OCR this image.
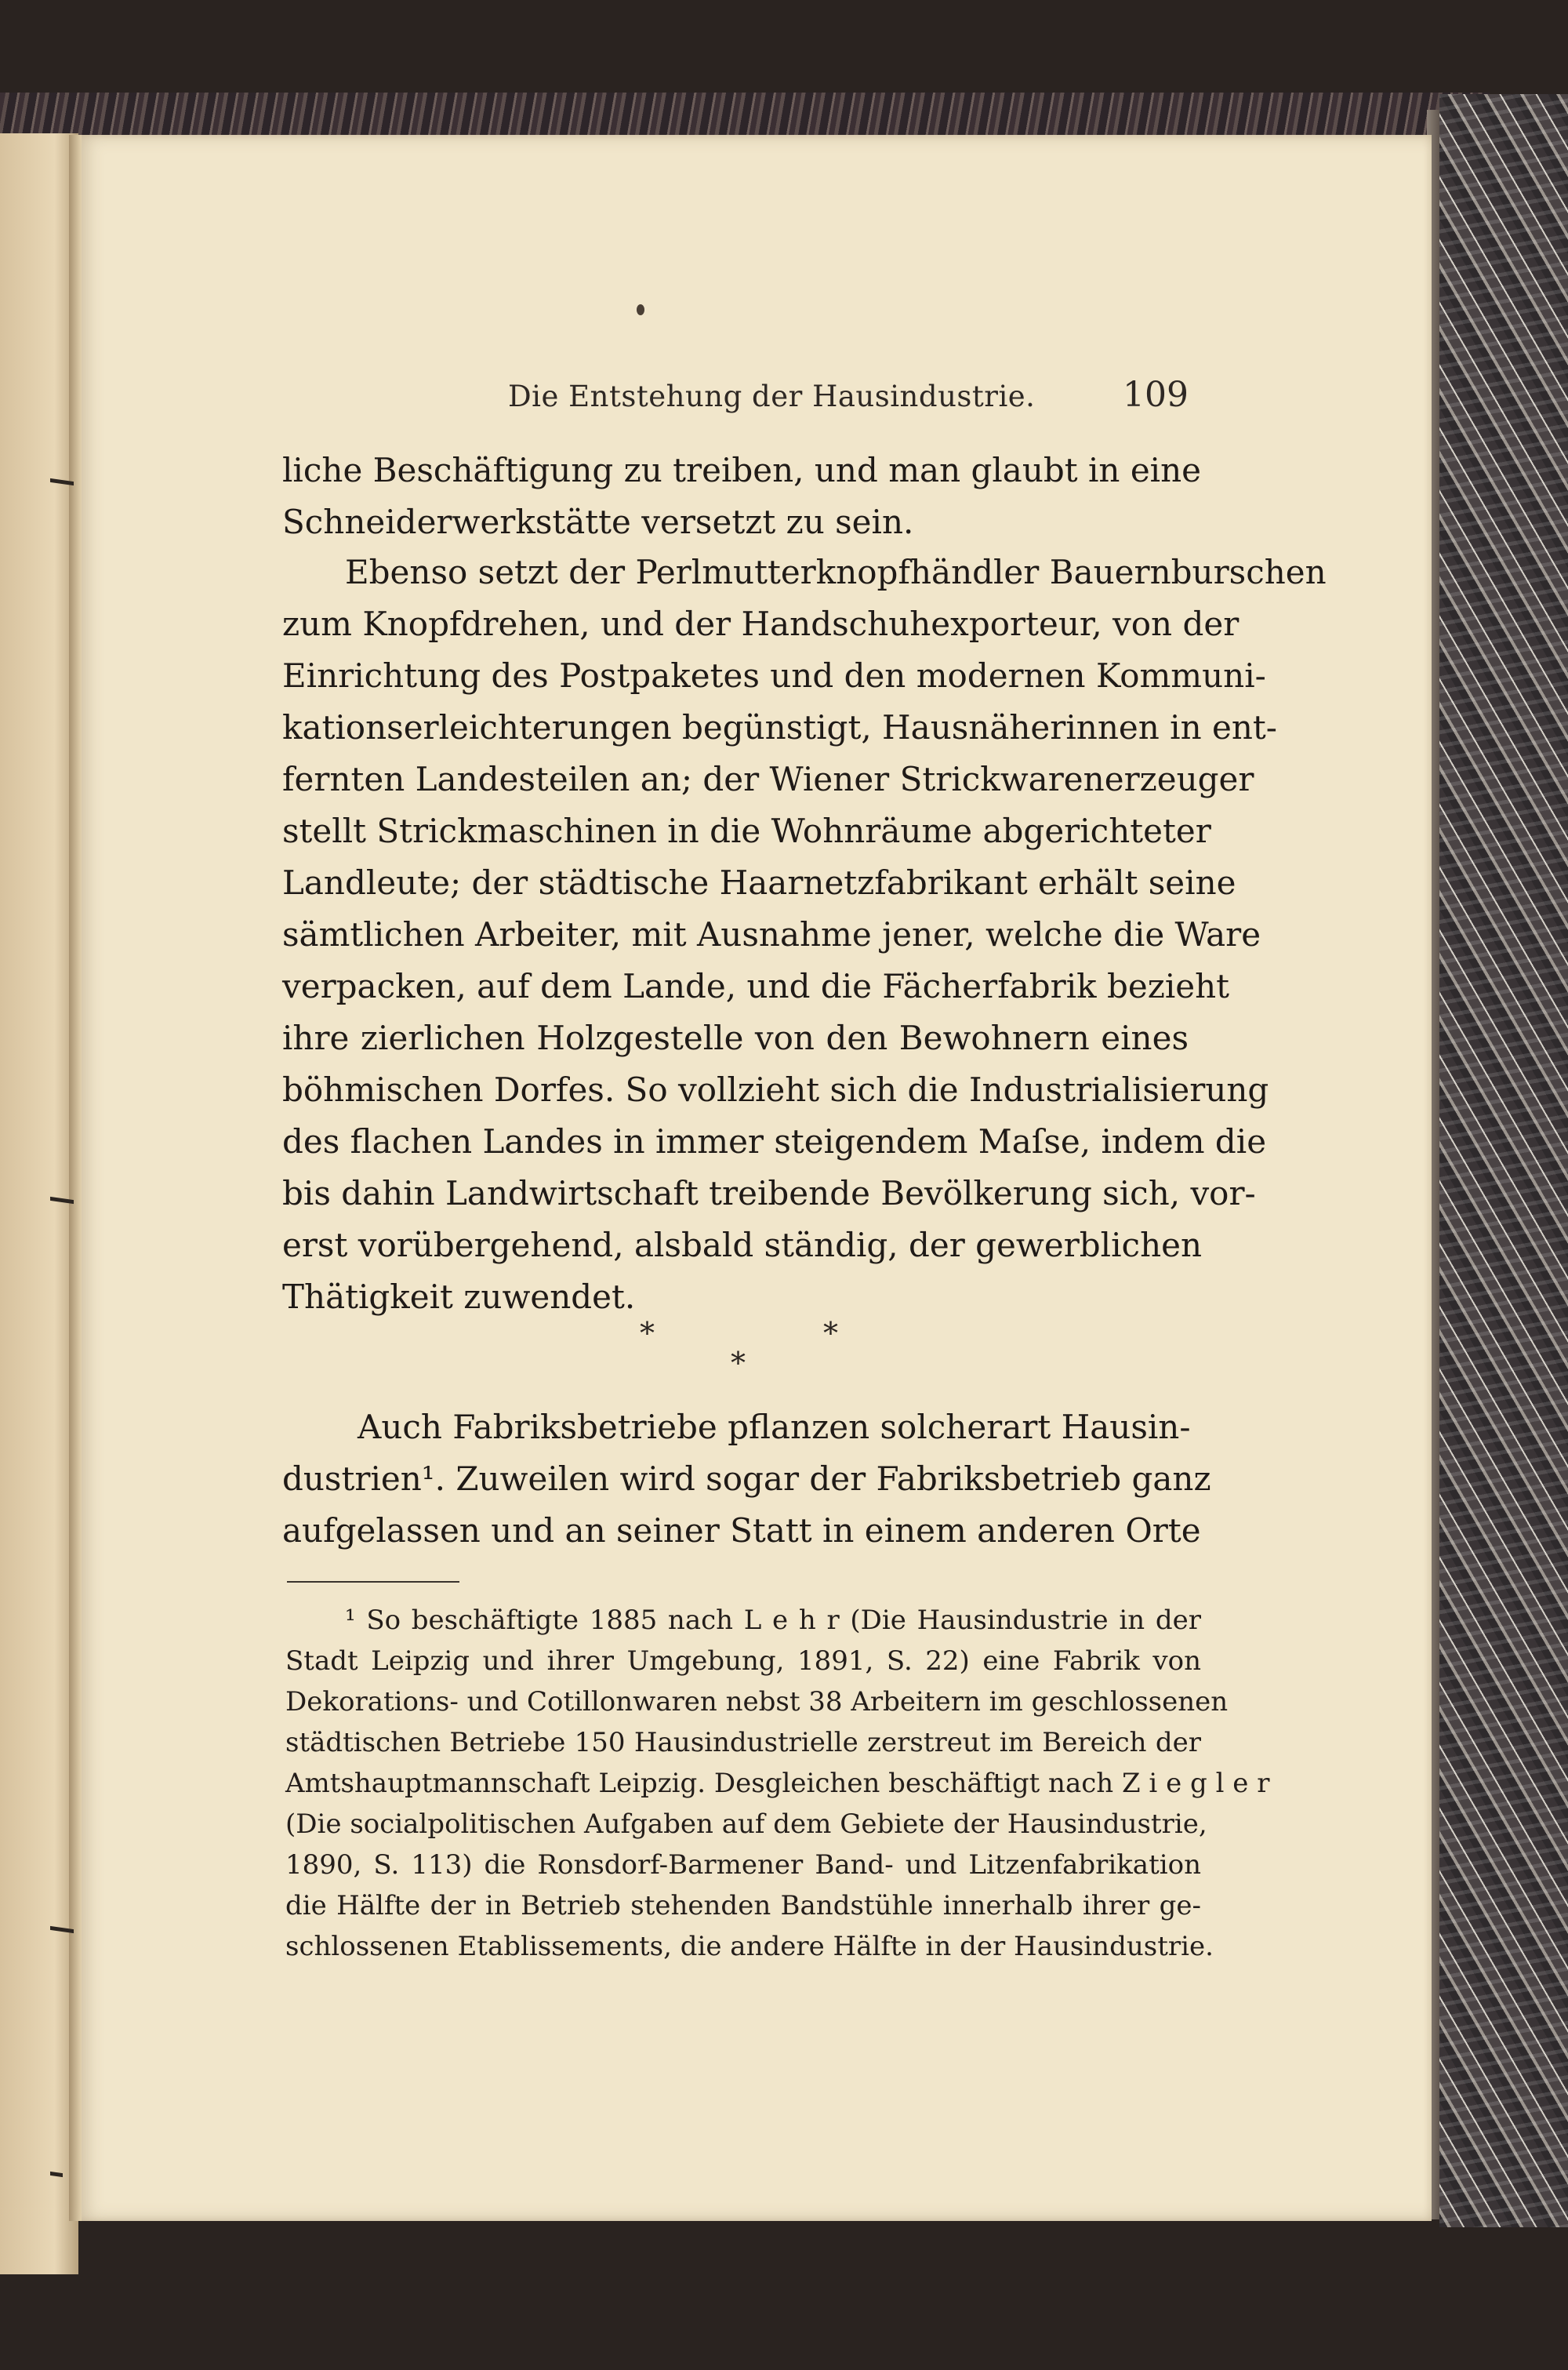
Die Entstehung der Hausindustrie.	109
liche Beschäftigung zu treiben, und man glaubt in eine
Schneiderwerkstätte versetzt zu sein.
Ebenso setzt der Perlmutterknopfhändler Bauernburschen
zum Knopfdrehen, und der Handschuhexporteur, von der
Einrichtung des Postpaketes und den modernen Kommuni-
kationserleichterungen begünstigt, Hausnäherinnen in ent-
fernten Landesteilen an; der Wiener Strickwarenerzeuger
stellt Strickmaschinen in die Wohnräume abgerichteter
Landleute; der städtische Haarnetzfabrikant erhält seine
sämtlichen Arbeiter, mit Ausnahme jener, welche die Ware
verpacken, auf dem Lande, und die Fächerfabrik bezieht
ihre zierlichen Holzgestelle von den Bewohnern eines
böhmischen Dorfes. So vollzieht sich die Industrialisierung
des flachen Landes in immer steigendem Maſse, indem die
bis dahin Landwirtschaft treibende Bevölkerung sich, vor-
erst vorübergehend, alsbald ständig, der gewerblichen
Thätigkeit zuwendet.
*	*
*
Auch Fabriksbetriebe pflanzen solcherart Hausin-
dustrien¹. Zuweilen wird sogar der Fabriksbetrieb ganz
aufgelassen und an seiner Statt in einem anderen Orte
¹ So beschäftigte 1885 nach L e h r (Die Hausindustrie in der
Stadt Leipzig und ihrer Umgebung, 1891, S. 22) eine Fabrik von
Dekorations- und Cotillonwaren nebst 38 Arbeitern im geschlossenen
städtischen Betriebe 150 Hausindustrielle zerstreut im Bereich der
Amtshauptmannschaft Leipzig. Desgleichen beschäftigt nach Z i e g l e r
(Die socialpolitischen Aufgaben auf dem Gebiete der Hausindustrie,
1890, S. 113) die Ronsdorf-Barmener Band- und Litzenfabrikation
die Hälfte der in Betrieb stehenden Bandstühle innerhalb ihrer ge-
schlossenen Etablissements, die andere Hälfte in der Hausindustrie.
